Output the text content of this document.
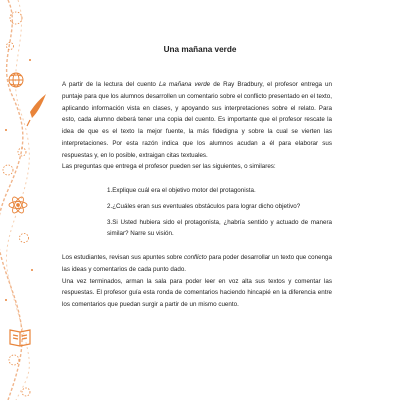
Una mañana verde

A partir de la lectura del cuento La mañana verde de Ray Bradbury, el profesor entrega un puntaje para que los alumnos desarrollen un comentario sobre el conflicto presentado en el texto, aplicando información vista en clases, y apoyando sus interpretaciones sobre el relato. Para esto, cada alumno deberá tener una copia del cuento. Es importante que el profesor rescate la idea de que es el texto la mejor fuente, la más fidedigna y sobre la cual se vierten las interpretaciones. Por esta razón indica que los alumnos acudan a él para elaborar sus respuestas y, en lo posible, extraigan citas textuales.

Las preguntas que entrega el profesor pueden ser las siguientes, o similares:

1.Explique cuál era el objetivo motor del protagonista.
2.¿Cuáles eran sus eventuales obstáculos para lograr dicho objetivo?
3.Si Usted hubiera sido el protagonista, ¿habría sentido y actuado de manera similar? Narre su visión.

Los estudiantes, revisan sus apuntes sobre conflicto para poder desarrollar un texto que conenga las ideas y comentarios de cada punto dado.

Una vez terminados, arman la sala para poder leer en voz alta sus textos y comentar las respuestas. El profesor guía esta ronda de comentarios haciendo hincapié en la diferencia entre los comentarios que puedan surgir a partir de un mismo cuento.
